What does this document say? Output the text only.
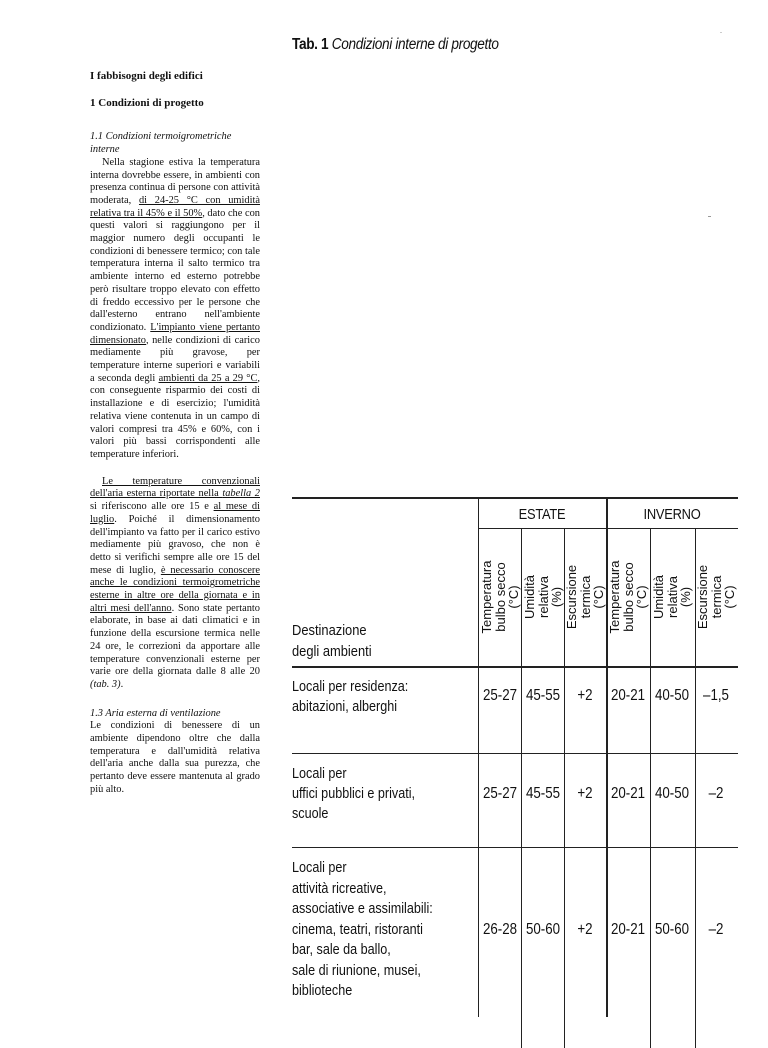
I fabbisogni degli edifici
1 Condizioni di progetto
1.1 Condizioni termoigrometriche interne
Nella stagione estiva la temperatura interna dovrebbe essere, in ambienti con presenza continua di persone con attività moderata, di 24-25 °C con umidità relativa tra il 45% e il 50%, dato che con questi valori si raggiungono per il maggior numero degli occupanti le condizioni di benessere termico; con tale temperatura interna il salto termico tra ambiente interno ed esterno potrebbe però risultare troppo elevato con effetto di freddo eccessivo per le persone che dall'esterno entrano nell'ambiente condizionato. L'impianto viene pertanto dimensionato, nelle condizioni di carico mediamente più gravose, per temperature interne superiori e variabili a seconda degli ambienti da 25 a 29 °C, con conseguente risparmio dei costi di installazione e di esercizio; l'umidità relativa viene contenuta in un campo di valori compresi tra 45% e 60%, con i valori più bassi corrispondenti alle temperature inferiori.
Le temperature convenzionali dell'aria esterna riportate nella tabella 2 si riferiscono alle ore 15 e al mese di luglio. Poiché il dimensionamento dell'impianto va fatto per il carico estivo mediamente più gravoso, che non è detto si verifichi sempre alle ore 15 del mese di luglio, è necessario conoscere anche le condizioni termoigrometriche esterne in altre ore della giornata e in altri mesi dell'anno. Sono state pertanto elaborate, in base ai dati climatici e in funzione della escursione termica nelle 24 ore, le correzioni da apportare alle temperature convenzionali esterne per varie ore della giornata dalle 8 alle 20 (tab. 3).
1.3 Aria esterna di ventilazione
Le condizioni di benessere di un ambiente dipendono oltre che dalla temperatura e dall'umidità relativa dell'aria anche dalla sua purezza, che pertanto deve essere mantenuta al grado più alto.
Tab. 1 Condizioni interne di progetto
ESTATE	INVERNO
Destinazione
degli ambienti
Temperatura
bulbo secco
(°C) Umidità
relativa
(%) Escursione
termica
(°C) Temperatura
bulbo secco
(°C) Umidità
relativa
(%) Escursione
termica
(°C)
Locali per residenza:
abitazioni, alberghi
25-27 45-55 +2 20-21 40-50 –1,5
Locali per
uffici pubblici e privati,
scuole
25-27 45-55 +2 20-21 40-50 –2
Locali per
attività ricreative,
associative e assimilabili:
cinema, teatri, ristoranti
bar, sale da ballo,
sale di riunione, musei,
biblioteche
26-28 50-60 +2 20-21 50-60 –2
